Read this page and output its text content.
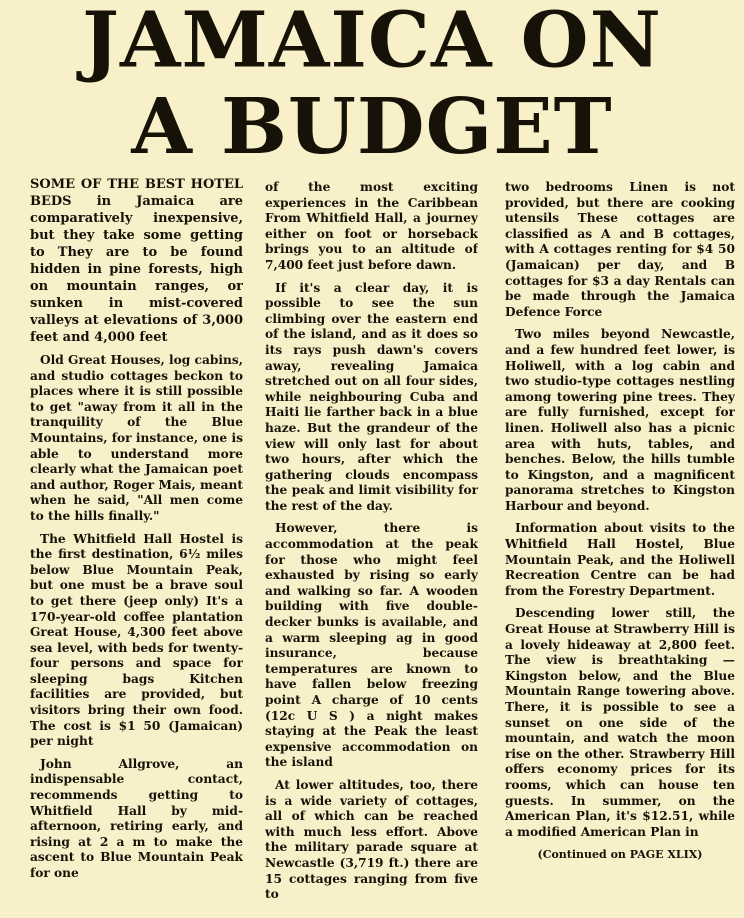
JAMAICA ON
A BUDGET

SOME OF THE BEST HOTEL BEDS in Jamaica are comparatively inexpensive, but they take some getting to They are to be found hidden in pine forests, high on mountain ranges, or sunken in mist-covered valleys at elevations of 3,000 feet and 4,000 feet

Old Great Houses, log cabins, and studio cottages beckon to places where it is still possible to get "away from it all in the tranquility of the Blue Mountains, for instance, one is able to understand more clearly what the Jamaican poet and author, Roger Mais, meant when he said, "All men come to the hills finally."

The Whitfield Hall Hostel is the first destination, 6½ miles below Blue Mountain Peak, but one must be a brave soul to get there (jeep only) It's a 170-year-old coffee plantation Great House, 4,300 feet above sea level, with beds for twenty-four persons and space for sleeping bags Kitchen facilities are provided, but visitors bring their own food. The cost is $1 50 (Jamaican) per night

John Allgrove, an indispensable contact, recommends getting to Whitfield Hall by mid-afternoon, retiring early, and rising at 2 a m to make the ascent to Blue Mountain Peak for one

of the most exciting experiences in the Caribbean From Whitfield Hall, a journey either on foot or horseback brings you to an altitude of 7,400 feet just before dawn.

If it's a clear day, it is possible to see the sun climbing over the eastern end of the island, and as it does so its rays push dawn's covers away, revealing Jamaica stretched out on all four sides, while neighbouring Cuba and Haiti lie farther back in a blue haze. But the grandeur of the view will only last for about two hours, after which the gathering clouds encompass the peak and limit visibility for the rest of the day.

However, there is accommodation at the peak for those who might feel exhausted by rising so early and walking so far. A wooden building with five double-decker bunks is available, and a warm sleeping ag in good insurance, because temperatures are known to have fallen below freezing point A charge of 10 cents (12c U S ) a night makes staying at the Peak the least expensive accommodation on the island

At lower altitudes, too, there is a wide variety of cottages, all of which can be reached with much less effort. Above the military parade square at Newcastle (3,719 ft.) there are 15 cottages ranging from five to

two bedrooms Linen is not provided, but there are cooking utensils These cottages are classified as A and B cottages, with A cottages renting for $4 50 (Jamaican) per day, and B cottages for $3 a day Rentals can be made through the Jamaica Defence Force

Two miles beyond Newcastle, and a few hundred feet lower, is Holiwell, with a log cabin and two studio-type cottages nestling among towering pine trees. They are fully furnished, except for linen. Holiwell also has a picnic area with huts, tables, and benches. Below, the hills tumble to Kingston, and a magnificent panorama stretches to Kingston Harbour and beyond.

Information about visits to the Whitfield Hall Hostel, Blue Mountain Peak, and the Holiwell Recreation Centre can be had from the Forestry Department.

Descending lower still, the Great House at Strawberry Hill is a lovely hideaway at 2,800 feet. The view is breathtaking — Kingston below, and the Blue Mountain Range towering above. There, it is possible to see a sunset on one side of the mountain, and watch the moon rise on the other. Strawberry Hill offers economy prices for its rooms, which can house ten guests. In summer, on the American Plan, it's $12.51, while a modified American Plan in

(Continued on PAGE XLIX)
